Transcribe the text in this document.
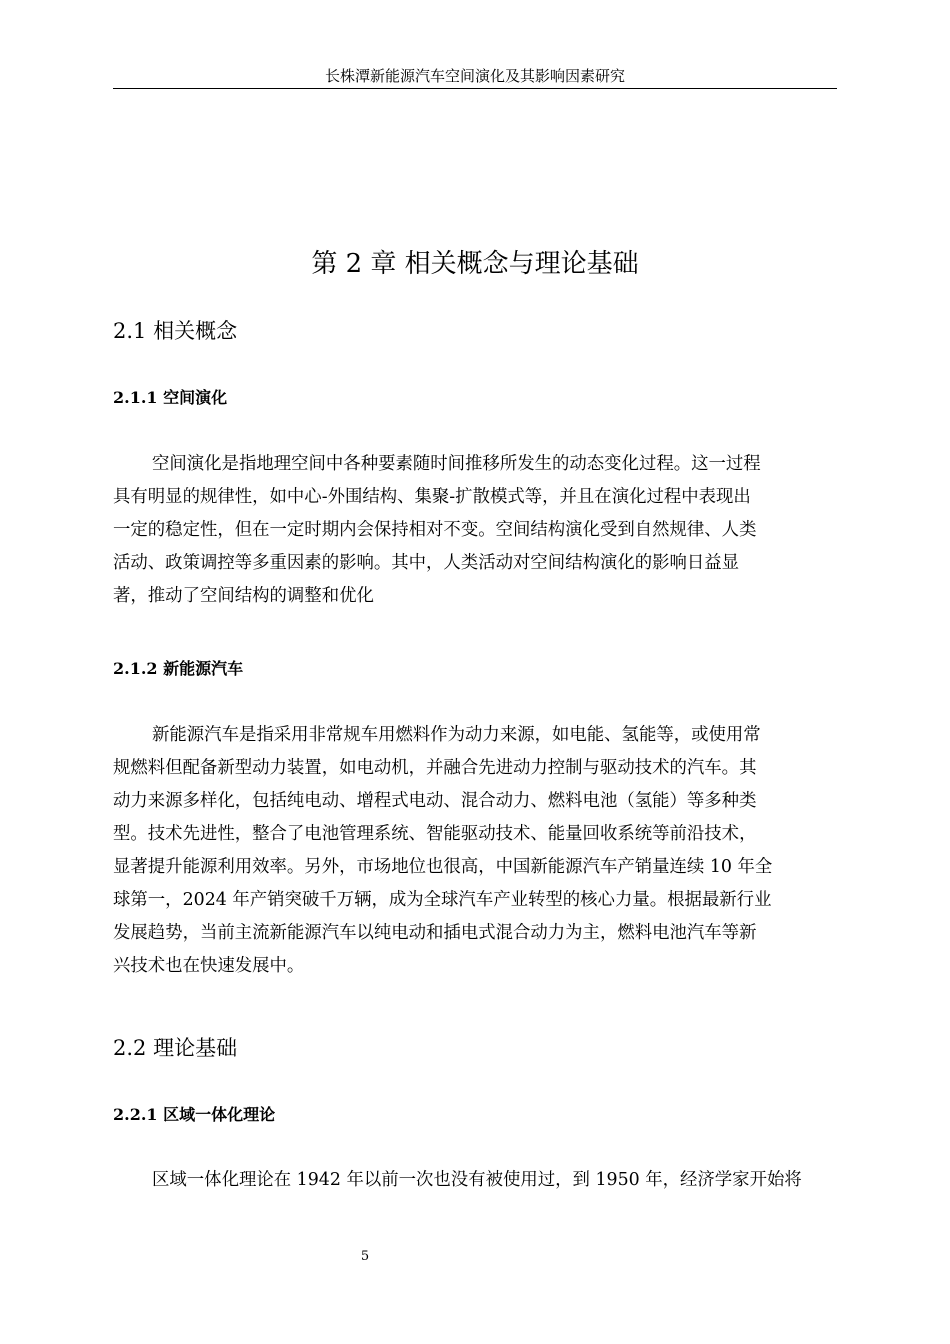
长株潭新能源汽车空间演化及其影响因素研究
第 2 章 相关概念与理论基础
2.1 相关概念
2.1.1 空间演化
空间演化是指地理空间中各种要素随时间推移所发生的动态变化过程。这一过程
具有明显的规律性，如中心-外围结构、集聚-扩散模式等，并且在演化过程中表现出
一定的稳定性，但在一定时期内会保持相对不变。空间结构演化受到自然规律、人类
活动、政策调控等多重因素的影响。其中，人类活动对空间结构演化的影响日益显
著，推动了空间结构的调整和优化
2.1.2 新能源汽车
新能源汽车是指采用非常规车用燃料作为动力来源，如电能、氢能等，或使用常
规燃料但配备新型动力装置，如电动机，并融合先进动力控制与驱动技术的汽车。其
动力来源多样化，包括纯电动、增程式电动、混合动力、燃料电池（氢能）等多种类
型。技术先进性，整合了电池管理系统、智能驱动技术、能量回收系统等前沿技术，
显著提升能源利用效率。另外，市场地位也很高，中国新能源汽车产销量连续 10 年全
球第一，2024 年产销突破千万辆，成为全球汽车产业转型的核心力量。根据最新行业
发展趋势，当前主流新能源汽车以纯电动和插电式混合动力为主，燃料电池汽车等新
兴技术也在快速发展中。
2.2 理论基础
2.2.1 区域一体化理论
区域一体化理论在 1942 年以前一次也没有被使用过，到 1950 年，经济学家开始将
5
